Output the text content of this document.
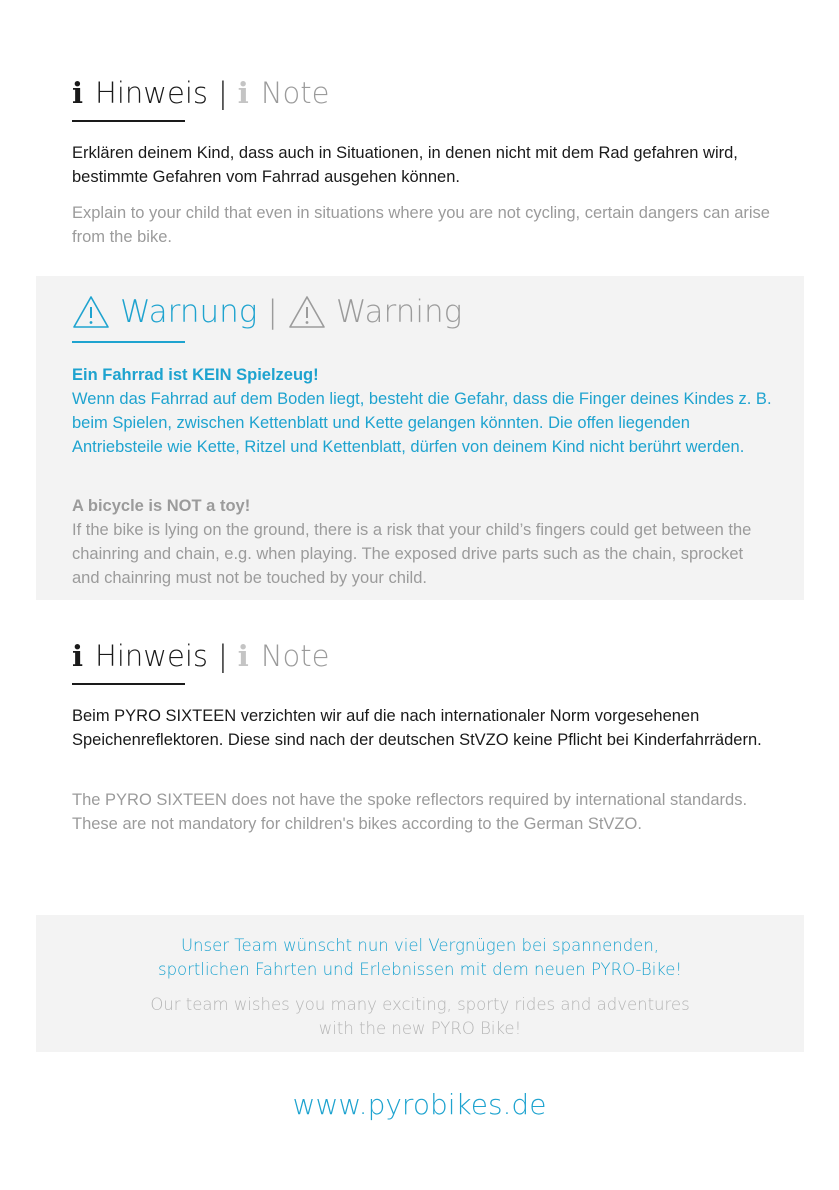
i Hinweis | i Note

Erklären deinem Kind, dass auch in Situationen, in denen nicht mit dem Rad gefahren wird, bestimmte Gefahren vom Fahrrad ausgehen können.

Explain to your child that even in situations where you are not cycling, certain dangers can arise from the bike.

Warnung | Warning

Ein Fahrrad ist KEIN Spielzeug!
Wenn das Fahrrad auf dem Boden liegt, besteht die Gefahr, dass die Finger deines Kindes z. B. beim Spielen, zwischen Kettenblatt und Kette gelangen könnten. Die offen liegenden Antriebsteile wie Kette, Ritzel und Kettenblatt, dürfen von deinem Kind nicht berührt werden.

A bicycle is NOT a toy!
If the bike is lying on the ground, there is a risk that your child’s fingers could get between the chainring and chain, e.g. when playing. The exposed drive parts such as the chain, sprocket and chainring must not be touched by your child.

i Hinweis | i Note

Beim PYRO SIXTEEN verzichten wir auf die nach internationaler Norm vorgesehenen Speichenreflektoren. Diese sind nach der deutschen StVZO keine Pflicht bei Kinderfahrrädern.

The PYRO SIXTEEN does not have the spoke reflectors required by international standards. These are not mandatory for children's bikes according to the German StVZO.

Unser Team wünscht nun viel Vergnügen bei spannenden,

sportlichen Fahrten und Erlebnissen mit dem neuen PYRO-Bike!

Our team wishes you many exciting, sporty rides and adventures

with the new PYRO Bike!

www.pyrobikes.de
